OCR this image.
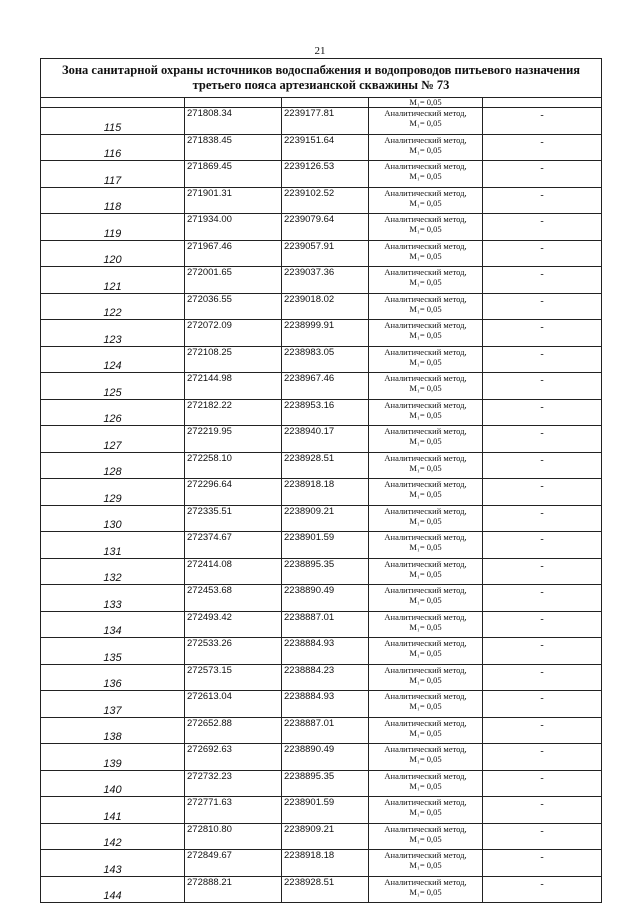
21
Зона санитарной охраны источников водоспабжения и водопроводов питьевого назначения
третьего пояса артезианской скважины № 73				

			M₁= 0,05	
115	271808.34	2239177.81	Аналитический метод,
M₁= 0,05	-
116	271838.45	2239151.64	Аналитический метод,
M₁= 0,05	-
117	271869.45	2239126.53	Аналитический метод,
M₁= 0,05	-
118	271901.31	2239102.52	Аналитический метод,
M₁= 0,05	-
119	271934.00	2239079.64	Аналитический метод,
M₁= 0,05	-
120	271967.46	2239057.91	Аналитический метод,
M₁= 0,05	-
121	272001.65	2239037.36	Аналитический метод,
M₁= 0,05	-
122	272036.55	2239018.02	Аналитический метод,
M₁= 0,05	-
123	272072.09	2238999.91	Аналитический метод,
M₁= 0,05	-
124	272108.25	2238983.05	Аналитический метод,
M₁= 0,05	-
125	272144.98	2238967.46	Аналитический метод,
M₁= 0,05	-
126	272182.22	2238953.16	Аналитический метод,
M₁= 0,05	-
127	272219.95	2238940.17	Аналитический метод,
M₁= 0,05	-
128	272258.10	2238928.51	Аналитический метод,
M₁= 0,05	-
129	272296.64	2238918.18	Аналитический метод,
M₁= 0,05	-
130	272335.51	2238909.21	Аналитический метод,
M₁= 0,05	-
131	272374.67	2238901.59	Аналитический метод,
M₁= 0,05	-
132	272414.08	2238895.35	Аналитический метод,
M₁= 0,05	-
133	272453.68	2238890.49	Аналитический метод,
M₁= 0,05	-
134	272493.42	2238887.01	Аналитический метод,
M₁= 0,05	-
135	272533.26	2238884.93	Аналитический метод,
M₁= 0,05	-
136	272573.15	2238884.23	Аналитический метод,
M₁= 0,05	-
137	272613.04	2238884.93	Аналитический метод,
M₁= 0,05	-
138	272652.88	2238887.01	Аналитический метод,
M₁= 0,05	-
139	272692.63	2238890.49	Аналитический метод,
M₁= 0,05	-
140	272732.23	2238895.35	Аналитический метод,
M₁= 0,05	-
141	272771.63	2238901.59	Аналитический метод,
M₁= 0,05	-
142	272810.80	2238909.21	Аналитический метод,
M₁= 0,05	-
143	272849.67	2238918.18	Аналитический метод,
M₁= 0,05	-
144	272888.21	2238928.51	Аналитический метод,
M₁= 0,05	-
